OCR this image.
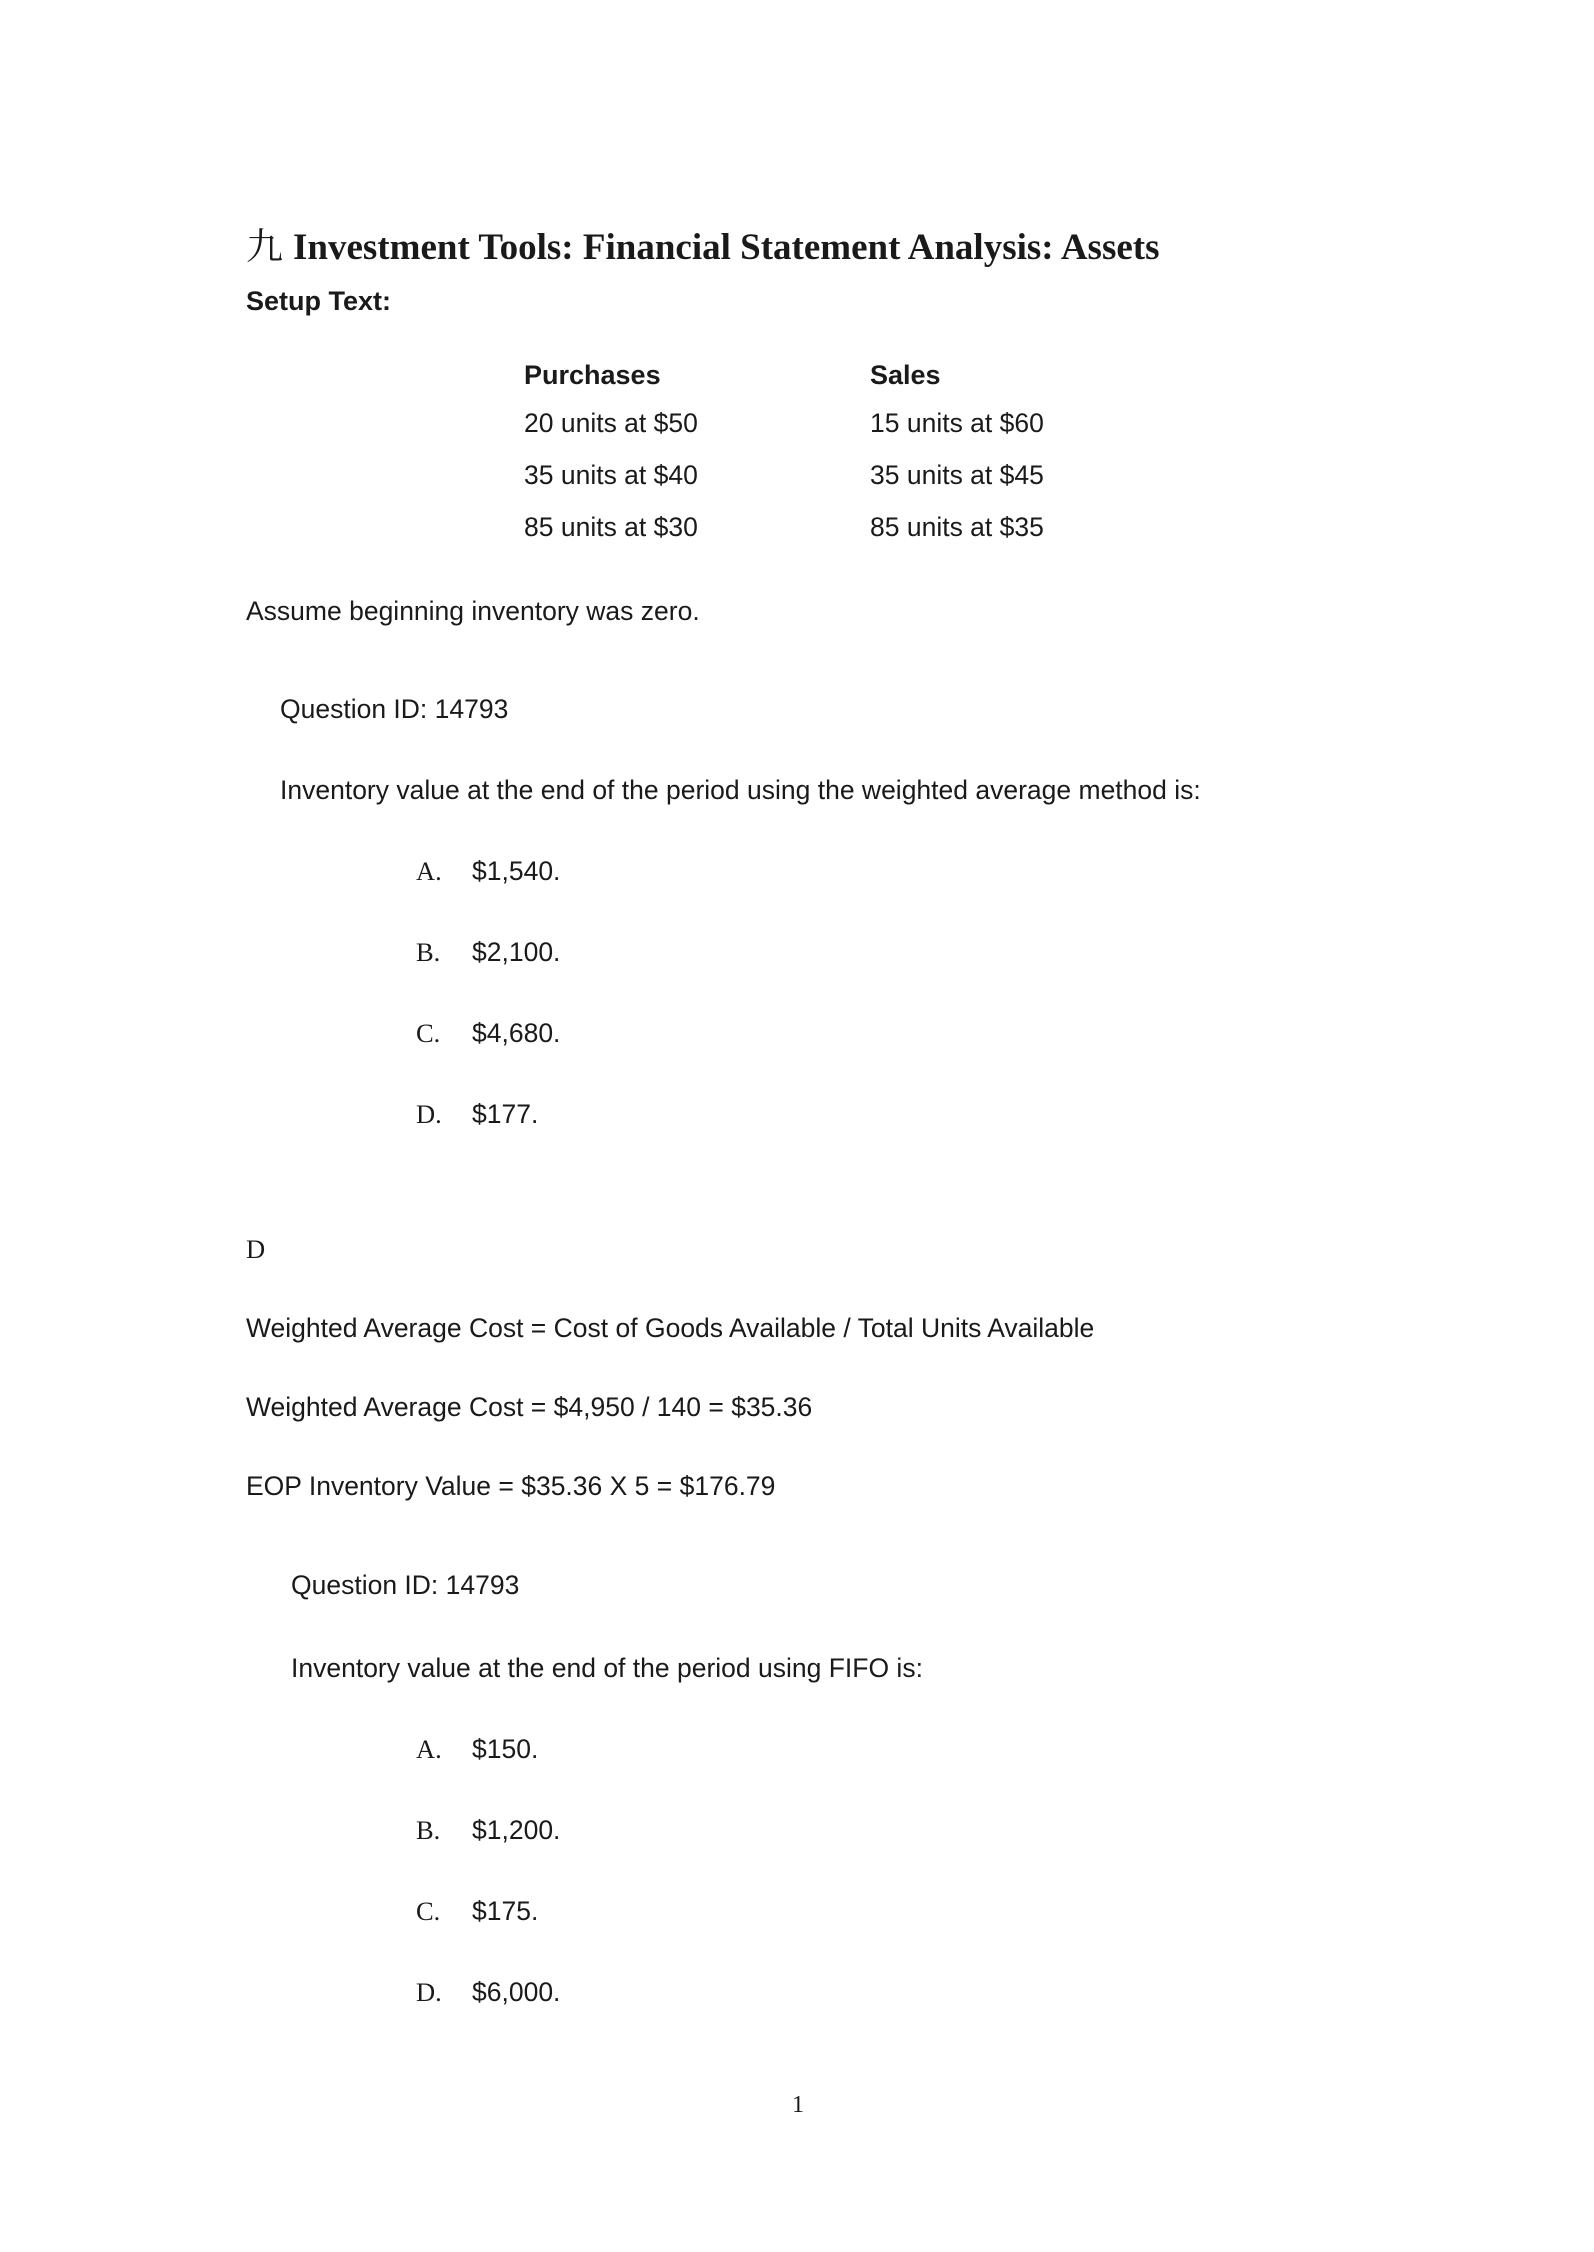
九 Investment Tools: Financial Statement Analysis: Assets
Setup Text:
Purchases	Sales
20 units at $50	15 units at $60
35 units at $40	35 units at $45
85 units at $30	85 units at $35
Assume beginning inventory was zero.
Question ID: 14793
Inventory value at the end of the period using the weighted average method is:
A. $1,540.
B. $2,100.
C. $4,680.
D. $177.
D
Weighted Average Cost = Cost of Goods Available / Total Units Available
Weighted Average Cost = $4,950 / 140 = $35.36
EOP Inventory Value = $35.36 X 5 = $176.79
Question ID: 14793
Inventory value at the end of the period using FIFO is:
A. $150.
B. $1,200.
C. $175.
D. $6,000.
1
